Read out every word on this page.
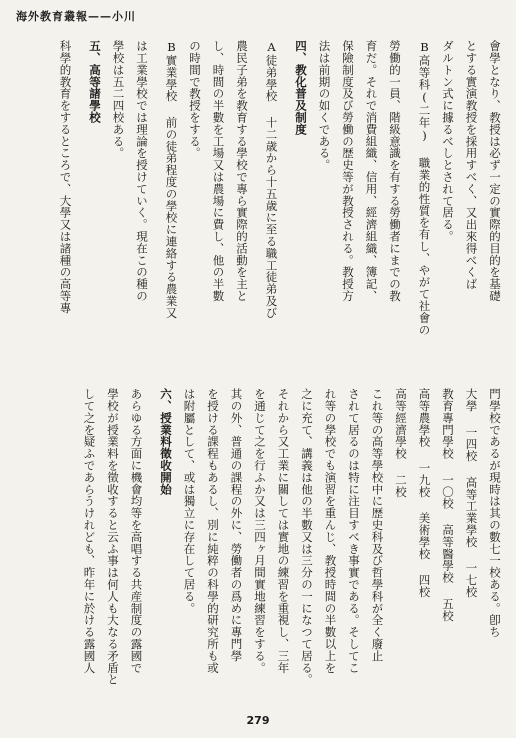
海外教育叢報——小川
會學となり、教授は必ず一定の實際的目的を基礎
とする實演教授を採用すべく、又出來得べくば
ダルトン式に據るべしとされて居る。
B高等科(二年) 職業的性質を有し、やがて社會の
勞働的一員、階級意識を有する勞働者にまでの教
育だ。それで消費組織、信用、經濟組織、簿記、
保險制度及び勞働の歴史等が教授される。教授方
法は前期の如くである。
四、教化普及制度
A徒弟學校 十二歳から十五歳に至る職工徒弟及び
農民子弟を教育する學校で專ら實際的活動を主と
し、時間の半數を工場又は農場に費し、他の半數
の時間で教授をする。
B實業學校 前の徒弟程度の學校に連絡する農業又
は工業學校では理論を授けていく。現在この種の
學校は五二四校ある。
五、高等諸學校
科學的教育をするところで、大學又は諸種の高等專
門學校であるが現時は其の數七一校ある。卽ち
大學 一四校 高等工業學校 一七校
教育專門學校 一〇校 高等醫學校 五校
高等農學校 一九校 美術學校 四校
高等經濟學校 二校
これ等の高等學校中に歴史科及び哲學科が全く廢止
されて居るのは特に注目すべき事實である。そしてこ
れ等の學校でも演習を重んじ、教授時間の半數以上を
之に充て、講義は他の半數又は三分の一になつて居る。
それから又工業に關しては實地の練習を重視し、三年
を通じて之を行ふか又は三四ヶ月間實地練習をする。
其の外、普通の課程の外に、勞働者の爲めに專門學
を授ける課程もあるし、別に純粹の科學的研究所も或
は附屬として、或は獨立に存在して居る。
六、授業料徵收開始
あらゆる方面に機會均等を高唱する共産制度の露國で
學校が授業料を徵收すると云ふ事は何人も大なる矛盾と
して之を疑ふであらうけれども、昨年に於ける露國人
279
